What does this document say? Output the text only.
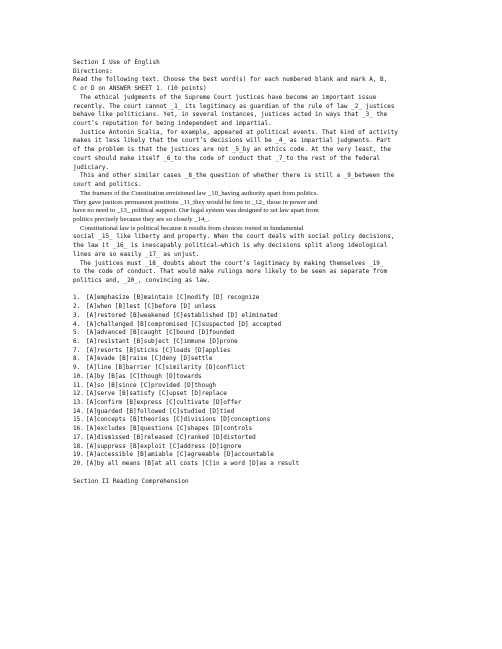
Section I Use of English
Directions:
Read the following text. Choose the best word(s) for each numbered blank and mark A, B,
C or D on ANSWER SHEET 1. (10 points)
The ethical judgments of the Supreme Court justices have become an important issue
recently. The court cannot _1_ its legitimacy as guardian of the rule of law _2_ justices
behave like politicians. Yet, in several instances, justices acted in ways that _3_ the
court’s reputation for being independent and impartial.
Justice Antonin Scalia, for example, appeared at political events. That kind of activity
makes it less likely that the court’s decisions will be _4_ as impartial judgments. Part
of the problem is that the justices are not _5_by an ethics code. At the very least, the
court should make itself _6_to the code of conduct that _7_to the rest of the federal
judiciary.
This and other similar cases _8_the question of whether there is still a _9_between the
court and politics.
The framers of the Constitution envisioned law _10_having authority apart from politics.
They gave justices permanent positions _11_they would be free to _12_ those in power and
have no need to _13_ political support. Our legal system was designed to set law apart from
politics precisely because they are so closely _14_.
Constitutional law is political because it results from choices rooted in fundamental
social _15_ like liberty and property. When the court deals with social policy decisions,
the law it _16_ is inescapably political—which is why decisions split along ideological
lines are so easily _17_ as unjust.
The justices must _18_ doubts about the court’s legitimacy by making themselves _19_
to the code of conduct. That would make rulings more likely to be seen as separate from
politics and, _20_, convincing as law.
1. [A]emphasize [B]maintain [C]modify [D] recognize
2. [A]when [B]lest [C]before [D] unless
3. [A]restored [B]weakened [C]established [D] eliminated
4. [A]challenged [B]compromised [C]suspected [D] accepted
5. [A]advanced [B]caught [C]bound [D]founded
6. [A]resistant [B]subject [C]immune [D]prone
7. [A]resorts [B]sticks [C]loads [D]applies
8. [A]evade [B]raise [C]deny [D]settle
9. [A]line [B]barrier [C]similarity [D]conflict
10. [A]by [B]as [C]though [D]towards
11. [A]so [B]since [C]provided [D]though
12. [A]serve [B]satisfy [C]upset [D]replace
13. [A]confirm [B]express [C]cultivate [D]offer
14. [A]guarded [B]followed [C]studied [D]tied
15. [A]concepts [B]theories [C]divisions [D]conceptions
16. [A]excludes [B]questions [C]shapes [D]controls
17. [A]dismissed [B]released [C]ranked [D]distorted
18. [A]suppress [B]exploit [C]address [D]ignore
19. [A]accessible [B]amiable [C]agreeable [D]accountable
20. [A]by all means [B]at all costs [C]in a word [D]as a result
Section II Reading Comprehension
